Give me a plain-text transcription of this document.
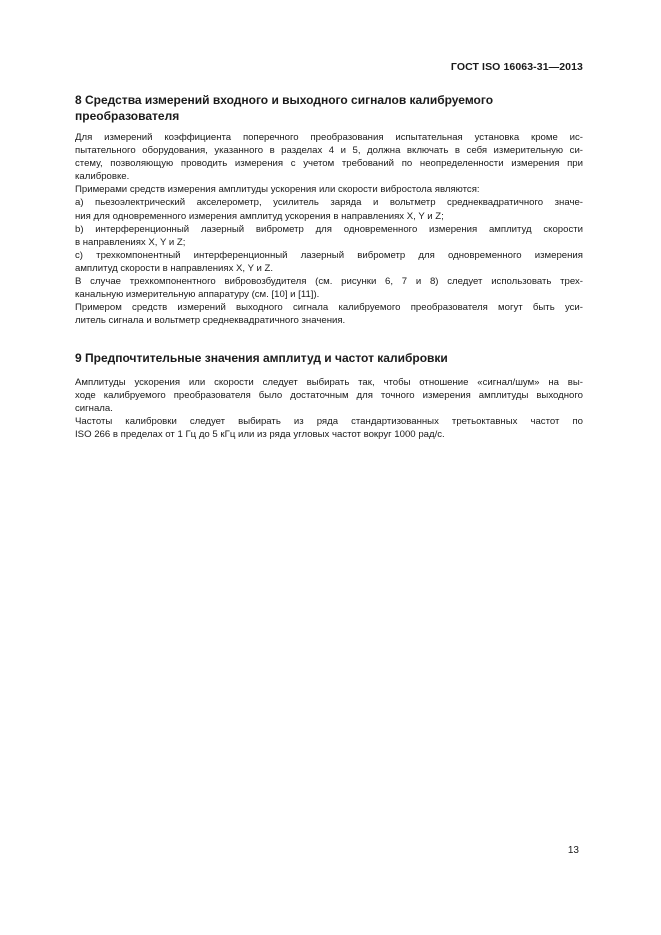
ГОСТ ISO 16063-31—2013
8 Средства измерений входного и выходного сигналов калибруемого
преобразователя
Для измерений коэффициента поперечного преобразования испытательная установка кроме ис-
пытательного оборудования, указанного в разделах 4 и 5, должна включать в себя измерительную си-
стему, позволяющую проводить измерения с учетом требований по неопределенности измерения при
калибровке.
Примерами средств измерения амплитуды ускорения или скорости вибростола являются:
а) пьезоэлектрический акселерометр, усилитель заряда и вольтметр среднеквадратичного значе-
ния для одновременного измерения амплитуд ускорения в направлениях X, Y и Z;
b) интерференционный лазерный виброметр для одновременного измерения амплитуд скорости
в направлениях X, Y и Z;
c) трехкомпонентный интерференционный лазерный виброметр для одновременного измерения
амплитуд скорости в направлениях X, Y и Z.
В случае трехкомпонентного вибровозбудителя (см. рисунки 6, 7 и 8) следует использовать трех-
канальную измерительную аппаратуру (см. [10] и [11]).
Примером средств измерений выходного сигнала калибруемого преобразователя могут быть уси-
литель сигнала и вольтметр среднеквадратичного значения.
9 Предпочтительные значения амплитуд и частот калибровки
Амплитуды ускорения или скорости следует выбирать так, чтобы отношение «сигнал/шум» на вы-
ходе калибруемого преобразователя было достаточным для точного измерения амплитуды выходного
сигнала.
Частоты калибровки следует выбирать из ряда стандартизованных третьоктавных частот по
ISO 266 в пределах от 1 Гц до 5 кГц или из ряда угловых частот вокруг 1000 рад/с.
13
